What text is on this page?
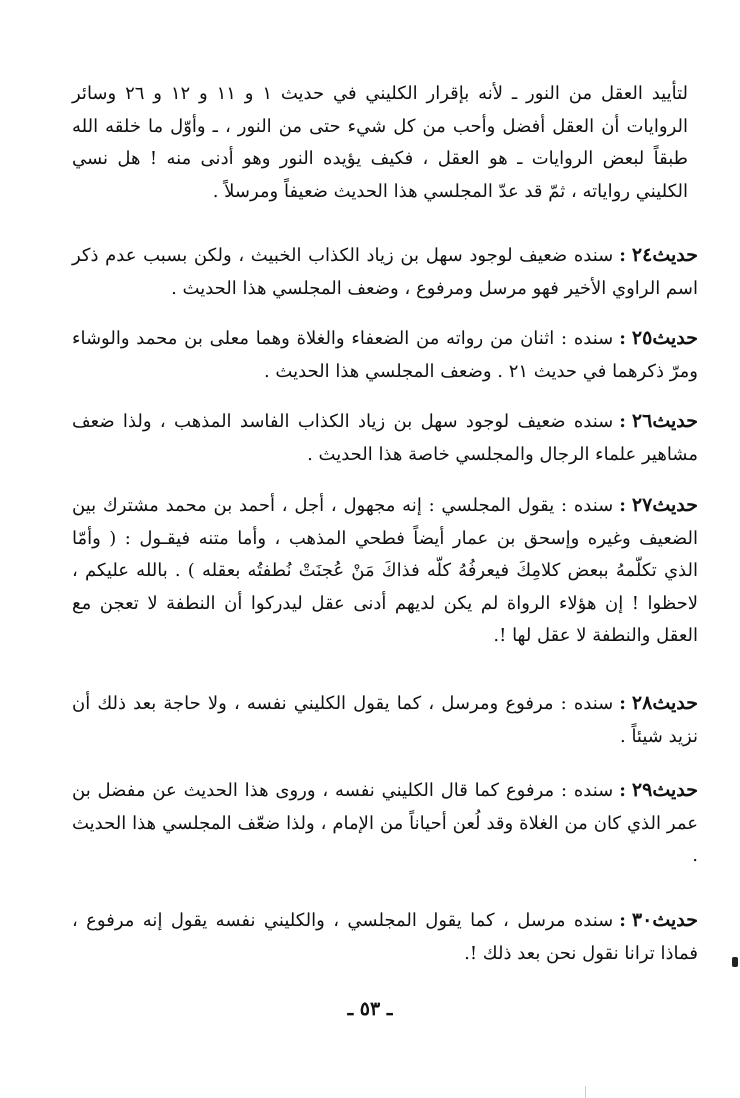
لتأييد العقل من النور ـ لأنه بإقرار الكليني في حديث ١ و ١١ و ١٢ و ٢٦ وسائر الروايات أن العقل أفضل وأحب من كل شيء حتى من النور ، ـ وأوّل ما خلقه الله طبقاً لبعض الروايات ـ هو العقل ، فكيف يؤيده النور وهو أدنى منه ! هل نسي الكليني رواياته ، ثمّ قد عدّ المجلسي هذا الحديث ضعيفاً ومرسلاً .

حديث٢٤:سنده ضعيف لوجود سهل بن زياد الكذاب الخبيث ، ولكن بسبب عدم ذكر اسم الراوي الأخير فهو مرسل ومرفوع ، وضعف المجلسي هذا الحديث .

حديث٢٥:سنده : اثنان من رواته من الضعفاء والغلاة وهما معلى بن محمد والوشاء ومرّ ذكرهما في حديث ٢١ . وضعف المجلسي هذا الحديث .

حديث٢٦:سنده ضعيف لوجود سهل بن زياد الكذاب الفاسد المذهب ، ولذا ضعف مشاهير علماء الرجال والمجلسي خاصة هذا الحديث .

حديث٢٧:سنده : يقول المجلسي : إنه مجهول ، أجل ، أحمد بن محمد مشترك بين الضعيف وغيره وإسحق بن عمار أيضاً فطحي المذهب ، وأما متنه فيقـول : ( وأمّا الذي تكلّمهُ ببعض كلامِكَ فيعرفُهُ كلّه فذاكَ مَنْ عُجنَتْ نُطفتُه بعقله ) . بالله عليكم ، لاحظوا ! إن هؤلاء الرواة لم يكن لديهم أدنى عقل ليدركوا أن النطفة لا تعجن مع العقل والنطفة لا عقل لها !.

حديث٢٨:سنده : مرفوع ومرسل ، كما يقول الكليني نفسه ، ولا حاجة بعد ذلك أن نزيد شيئاً .

حديث٢٩:سنده : مرفوع كما قال الكليني نفسه ، وروى هذا الحديث عن مفضل بن عمر الذي كان من الغلاة وقد لُعن أحياناً من الإمام ، ولذا ضعّف المجلسي هذا الحديث .

حديث٣٠:سنده مرسل ، كما يقول المجلسي ، والكليني نفسه يقول إنه مرفوع ، فماذا ترانا نقول نحن بعد ذلك !.

ـ ٥٣ ـ
